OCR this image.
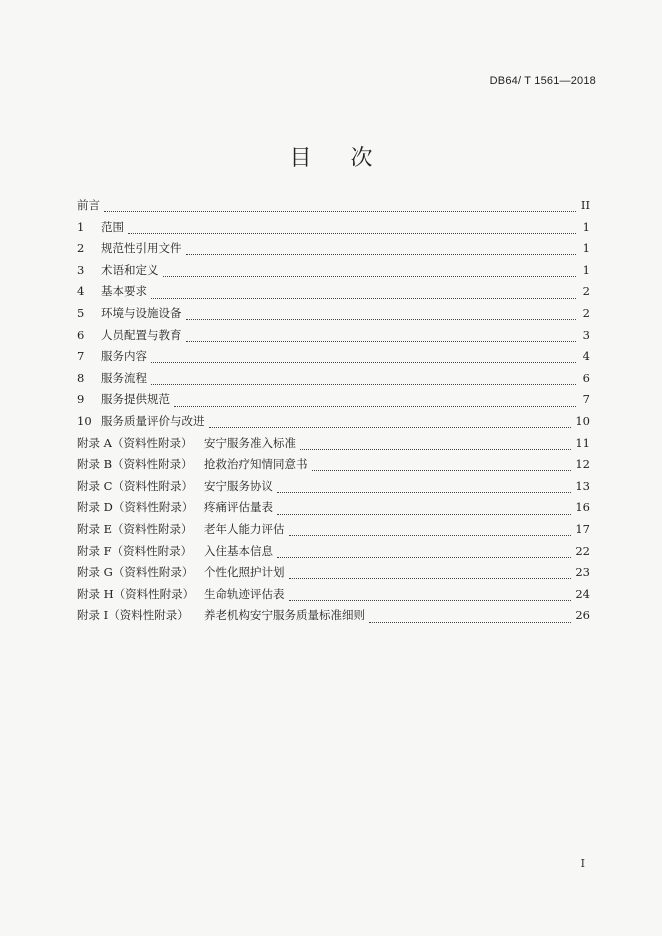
DB64/ T 1561—2018
目 次
前言	II
1	范围	1
2	规范性引用文件	1
3	术语和定义	1
4	基本要求	2
5	环境与设施设备	2
6	人员配置与教育	3
7	服务内容	4
8	服务流程	6
9	服务提供规范	7
10 服务质量评价与改进	10
附录 A（资料性附录）	安宁服务准入标准	11
附录 B（资料性附录） 抢救治疗知情同意书	12
附录 C（资料性附录） 安宁服务协议	13
附录 D（资料性附录） 疼痛评估量表	16
附录 E（资料性附录） 老年人能力评估	17
附录 F（资料性附录）	入住基本信息	22
附录 G（资料性附录） 个性化照护计划	23
附录 H（资料性附录） 生命轨迹评估表	24
附录 I（资料性附录）	养老机构安宁服务质量标准细则	26
I
